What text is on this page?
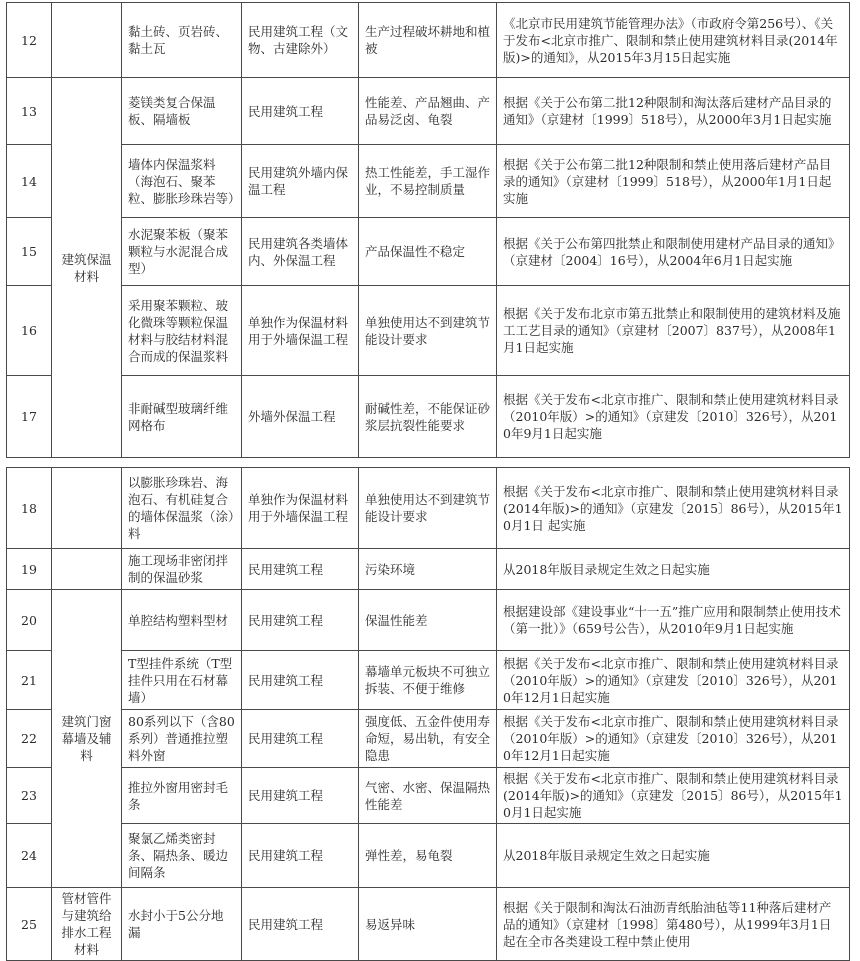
12		黏土砖、页岩砖、黏土瓦	民用建筑工程（文物、古建除外）	生产过程破坏耕地和植被	《北京市民用建筑节能管理办法》（市政府令第256号）、《关于发布<北京市推广、限制和禁止使用建筑材料目录(2014年版)>的通知》，从2015年3月15日起实施
13	建筑保温材料	菱镁类复合保温板、隔墙板	民用建筑工程	性能差、产品翘曲、产品易泛卤、龟裂	根据《关于公布第二批12种限制和淘汰落后建材产品目录的通知》（京建材〔1999〕518号），从2000年3月1日起实施
14		墙体内保温浆料（海泡石、聚苯粒、膨胀珍珠岩等）	民用建筑外墙内保温工程	热工性能差，手工湿作业，不易控制质量	根据《关于公布第二批12种限制和禁止使用落后建材产品目录的通知》（京建材〔1999〕518号），从2000年1月1日起实施
15		水泥聚苯板（聚苯颗粒与水泥混合成型）	民用建筑各类墙体内、外保温工程	产品保温性不稳定	根据《关于公布第四批禁止和限制使用建材产品目录的通知》（京建材〔2004〕16号），从2004年6月1日起实施
16		采用聚苯颗粒、玻化微珠等颗粒保温材料与胶结材料混合而成的保温浆料	单独作为保温材料用于外墙保温工程	单独使用达不到建筑节能设计要求	根据《关于发布北京市第五批禁止和限制使用的建筑材料及施工工艺目录的通知》（京建材〔2007〕837号），从2008年1月1日起实施
17		非耐碱型玻璃纤维网格布	外墙外保温工程	耐碱性差，不能保证砂浆层抗裂性能要求	根据《关于发布<北京市推广、限制和禁止使用建筑材料目录（2010年版）>的通知》（京建发〔2010〕326号），从2010年9月1日起实施
18		以膨胀珍珠岩、海泡石、有机硅复合的墙体保温浆（涂）料	单独作为保温材料用于外墙保温工程	单独使用达不到建筑节能设计要求	根据《关于发布<北京市推广、限制和禁止使用建筑材料目录(2014年版)>的通知》（京建发〔2015〕86号），从2015年10月1日 起实施
19		施工现场非密闭拌制的保温砂浆	民用建筑工程	污染环境	从2018年版目录规定生效之日起实施
20	建筑门窗幕墙及辅料	单腔结构塑料型材	民用建筑工程	保温性能差	根据建设部《建设事业“十一五”推广应用和限制禁止使用技术（第一批）》（659号公告），从2010年9月1日起实施
21		T型挂件系统（T型挂件只用在石材幕墙）	民用建筑工程	幕墙单元板块不可独立拆装、不便于维修	根据《关于发布<北京市推广、限制和禁止使用建筑材料目录（2010年版）>的通知》（京建发〔2010〕326号），从2010年12月1日起实施
22		80系列以下（含80系列）普通推拉塑料外窗	民用建筑工程	强度低、五金件使用寿命短，易出轨，有安全隐患	根据《关于发布<北京市推广、限制和禁止使用建筑材料目录（2010年版）>的通知》（京建发〔2010〕326号），从2010年12月1日起实施
23		推拉外窗用密封毛条	民用建筑工程	气密、水密、保温隔热性能差	根据《关于发布<北京市推广、限制和禁止使用建筑材料目录(2014年版)>的通知》（京建发〔2015〕86号），从2015年10月1日起实施
24		聚氯乙烯类密封条、隔热条、暖边间隔条	民用建筑工程	弹性差，易龟裂	从2018年版目录规定生效之日起实施
25	管材管件与建筑给排水工程材料	水封小于5公分地漏	民用建筑工程	易返异味	根据《关于限制和淘汰石油沥青纸胎油毡等11种落后建材产品的通知》（京建材〔1998〕第480号），从1999年3月1日起在全市各类建设工程中禁止使用
